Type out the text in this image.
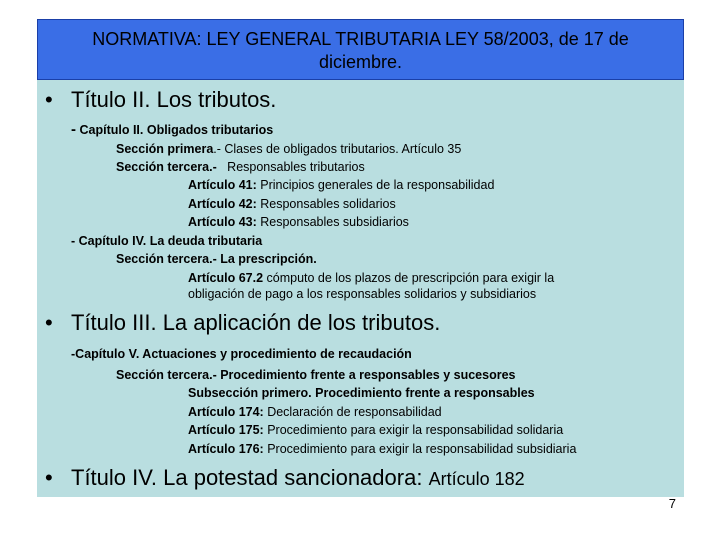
NORMATIVA: LEY GENERAL TRIBUTARIA LEY 58/2003, de 17 de
diciembre.
• Título II. Los tributos.
- Capítulo II. Obligados tributarios
Sección primera.- Clases de obligados tributarios. Artículo 35
Sección tercera.- Responsables tributarios
Artículo 41: Principios generales de la responsabilidad
Artículo 42: Responsables solidarios
Artículo 43: Responsables subsidiarios
- Capítulo IV. La deuda tributaria
Sección tercera.- La prescripción.
Artículo 67.2 cómputo de los plazos de prescripción para exigir la
obligación de pago a los responsables solidarios y subsidiarios
• Título III. La aplicación de los tributos.
-Capítulo V. Actuaciones y procedimiento de recaudación
Sección tercera.- Procedimiento frente a responsables y sucesores
Subsección primero. Procedimiento frente a responsables
Artículo 174: Declaración de responsabilidad
Artículo 175: Procedimiento para exigir la responsabilidad solidaria
Artículo 176: Procedimiento para exigir la responsabilidad subsidiaria
• Título IV. La potestad sancionadora: Artículo 182
7
